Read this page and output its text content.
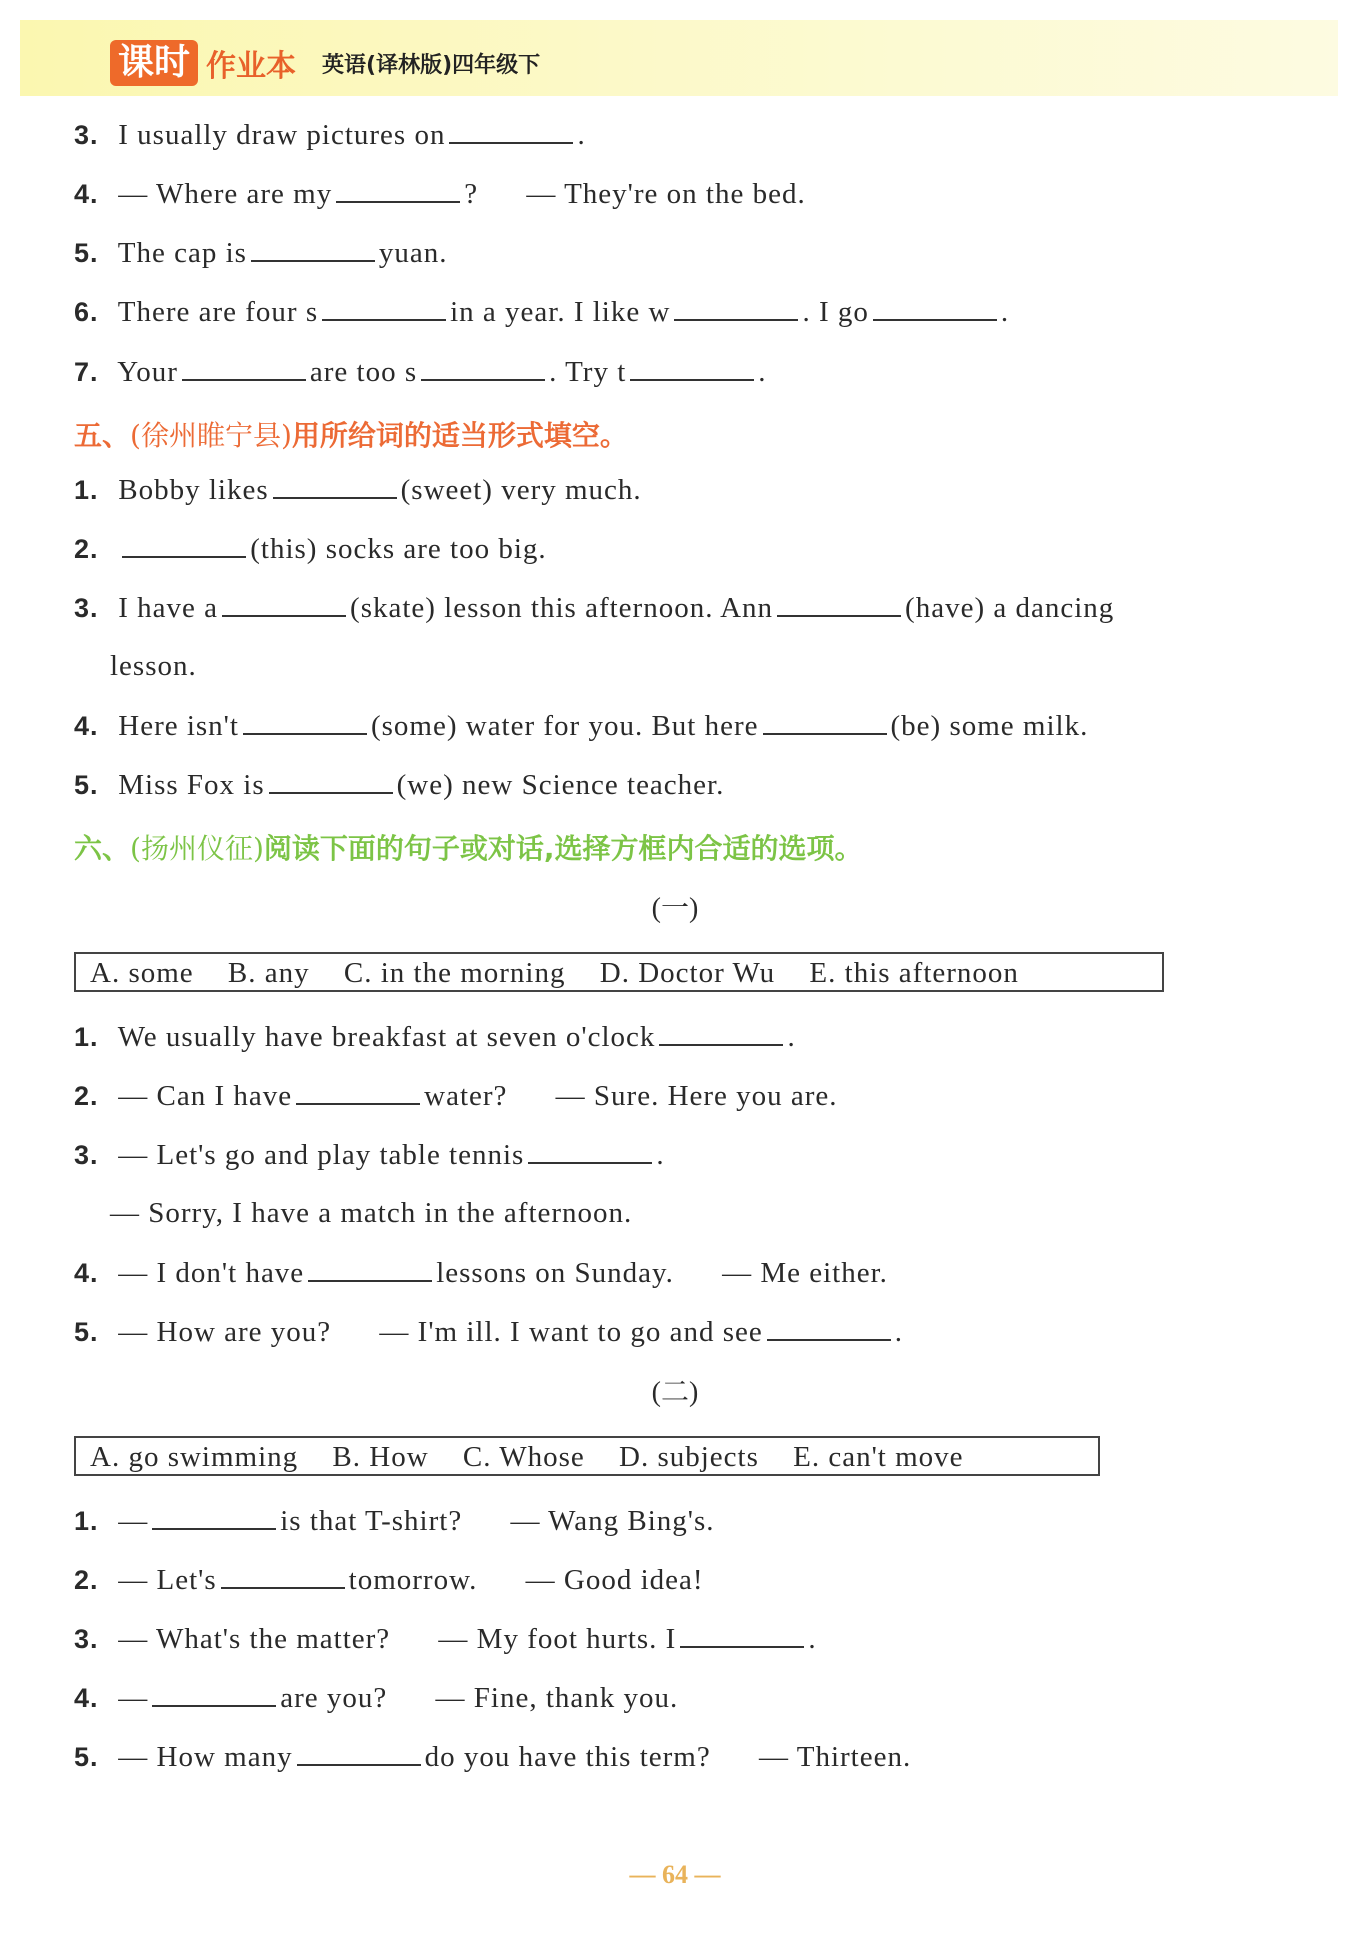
课时 作业本 英语(译林版)四年级下
3. I usually draw pictures on	.
4. — Where are my	? — They're on the bed.
5. The cap is	yuan.
6. There are four s	in a year. I like w	. I go	.
7. Your	are too s	. Try t	.
五、(徐州睢宁县)用所给词的适当形式填空。
1. Bobby likes	(sweet) very much.
2.	(this) socks are too big.
3. I have a	(skate) lesson this afternoon. Ann	(have) a dancing
lesson.
4. Here isn't	(some) water for you. But here	(be) some milk.
5. Miss Fox is	(we) new Science teacher.
六、(扬州仪征)阅读下面的句子或对话,选择方框内合适的选项。
(一)
A. some B. any C. in the morning D. Doctor Wu E. this afternoon
1. We usually have breakfast at seven o'clock	.
2. — Can I have	water? — Sure. Here you are.
3. — Let's go and play table tennis	.
— Sorry, I have a match in the afternoon.
4. — I don't have	lessons on Sunday. — Me either.
5. — How are you? — I'm ill. I want to go and see	.
(二)
A. go swimming B. How C. Whose D. subjects E. can't move
1. —	is that T-shirt? — Wang Bing's.
2. — Let's	tomorrow. — Good idea!
3. — What's the matter? — My foot hurts. I	.
4. —	are you? — Fine, thank you.
5. — How many	do you have this term? — Thirteen.
— 64 —
